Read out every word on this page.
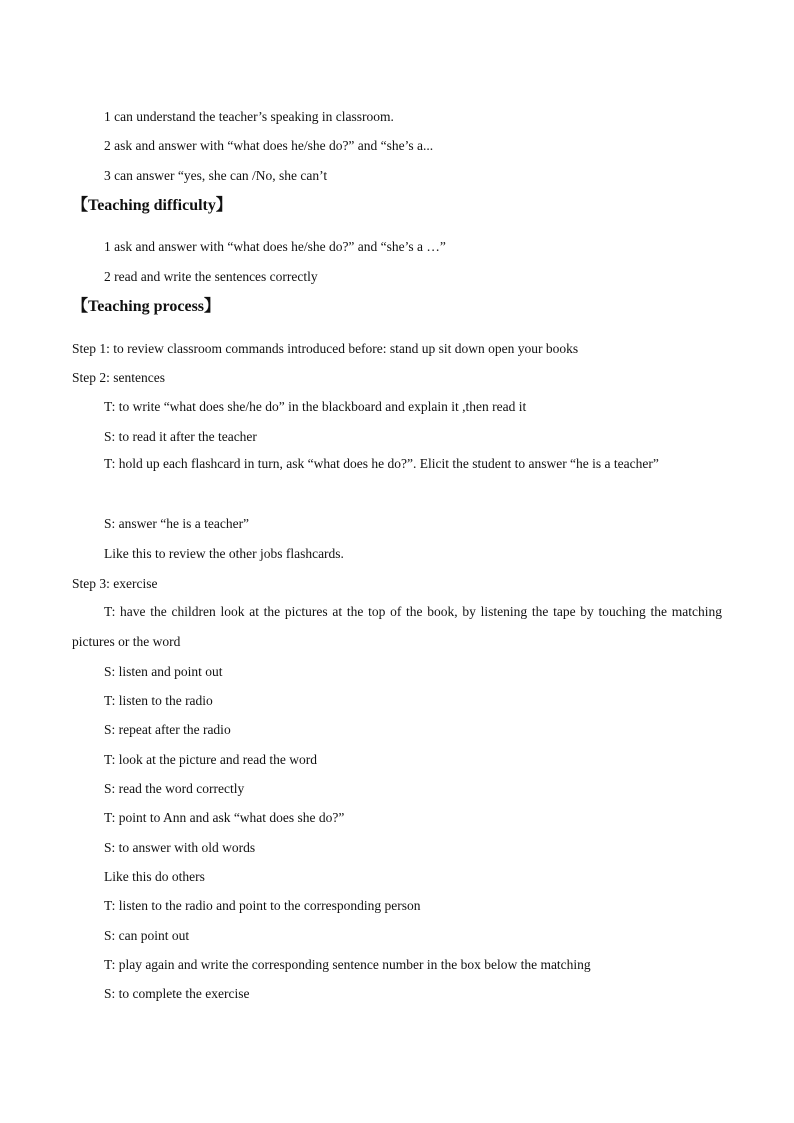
1 can understand the teacher’s speaking in classroom.
2 ask and answer with “what does he/she do?” and “she’s a...
3 can answer “yes, she can /No, she can’t
【Teaching difficulty】
1 ask and answer with “what does he/she do?” and “she’s a …”
2 read and write the sentences correctly
【Teaching process】
Step 1: to review classroom commands introduced before: stand up sit down open your books
Step 2: sentences
T: to write “what does she/he do” in the blackboard and explain it ,then read it
S: to read it after the teacher
T: hold up each flashcard in turn, ask “what does he do?”. Elicit the student to answer “he is a teacher”
S: answer “he is a teacher”
Like this to review the other jobs flashcards.
Step 3: exercise
T: have the children look at the pictures at the top of the book, by listening the tape by touching the matching pictures or the word
S: listen and point out
T: listen to the radio
S: repeat after the radio
T: look at the picture and read the word
S: read the word correctly
T: point to Ann and ask “what does she do?”
S: to answer with old words
Like this do others
T: listen to the radio and point to the corresponding person
S: can point out
T: play again and write the corresponding sentence number in the box below the matching
S: to complete the exercise
